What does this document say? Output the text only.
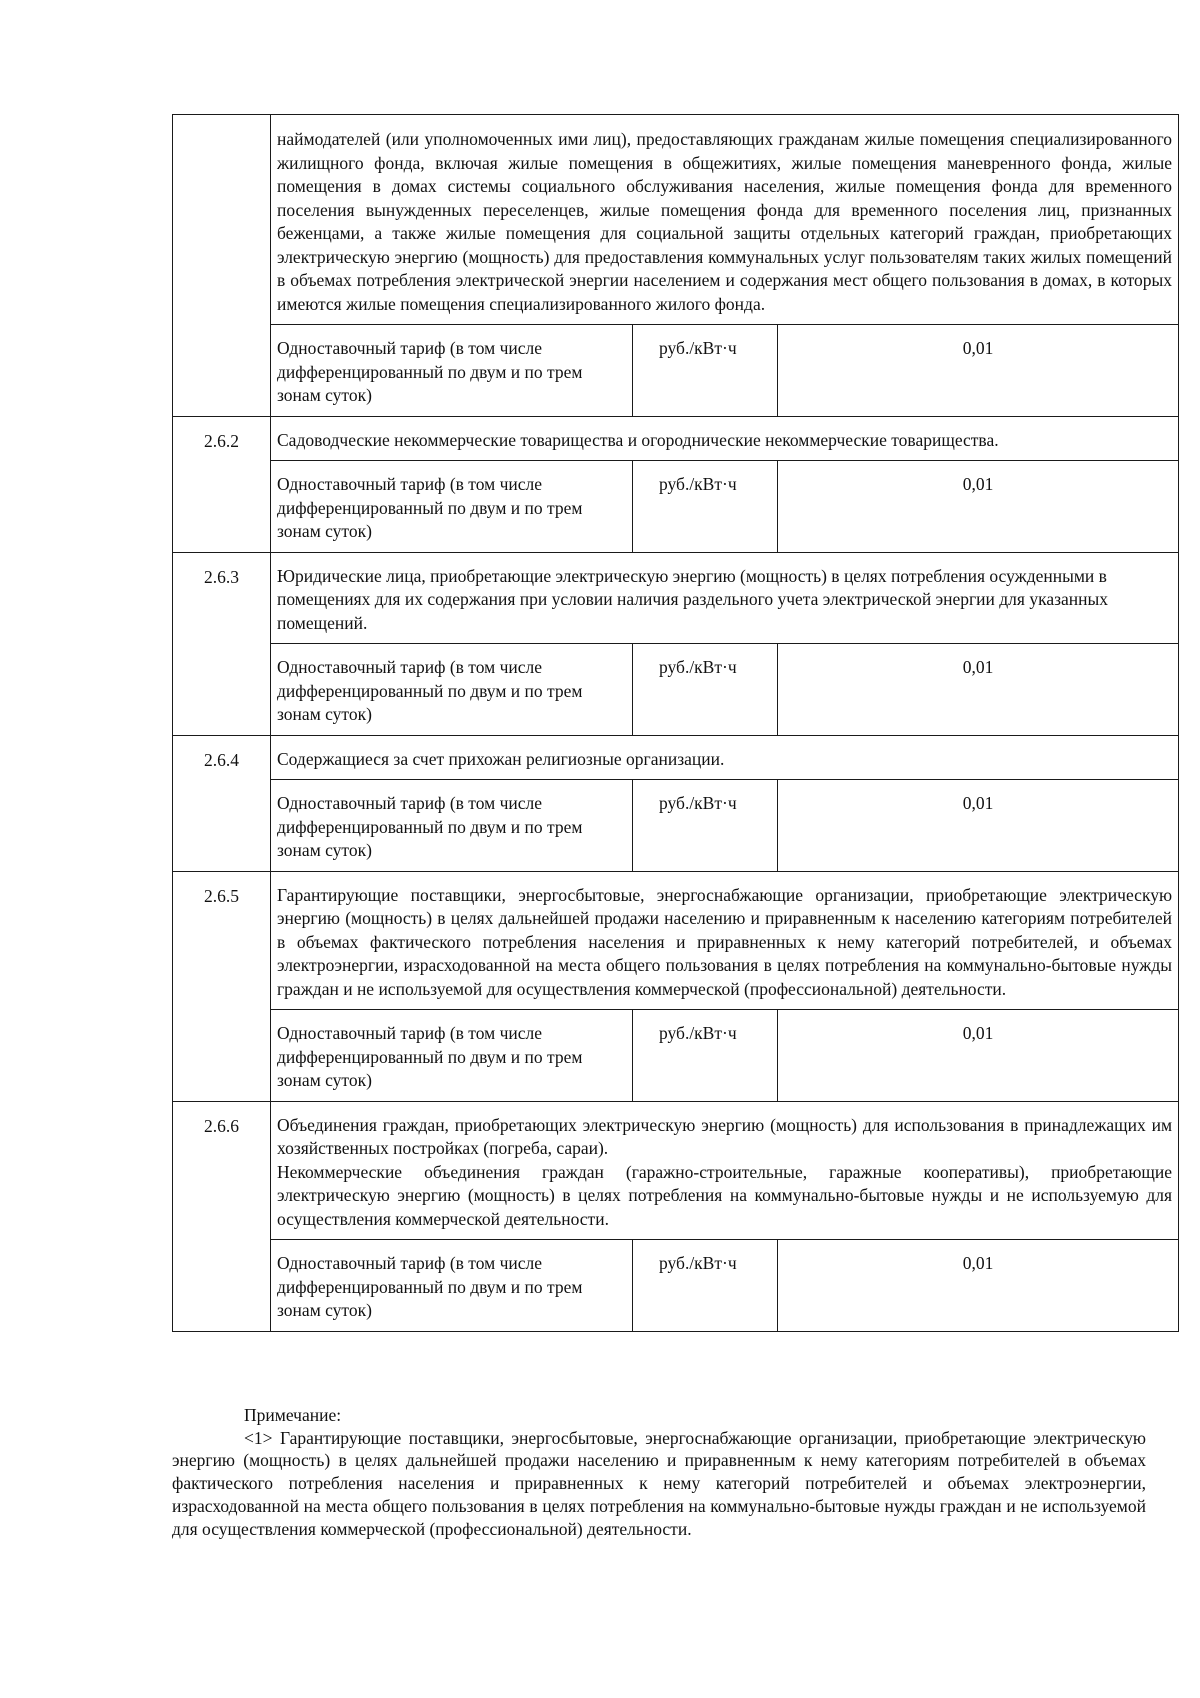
	наймодателей (или уполномоченных ими лиц), предоставляющих гражданам жилые помещения специализированного жилищного фонда, включая жилые помещения в общежитиях, жилые помещения маневренного фонда, жилые помещения в домах системы социального обслуживания населения, жилые помещения фонда для временного поселения вынужденных переселенцев, жилые помещения фонда для временного поселения лиц, признанных беженцами, а также жилые помещения для социальной защиты отдельных категорий граждан, приобретающих электрическую энергию (мощность) для предоставления коммунальных услуг пользователям таких жилых помещений в объемах потребления электрической энергии населением и содержания мест общего пользования в домах, в которых имеются жилые помещения специализированного жилого фонда.		

	Одноставочный тариф (в том числе дифференцированный по двум и по трем зонам суток)	руб./кВт·ч	0,01
2.6.2	Садоводческие некоммерческие товарищества и огороднические некоммерческие товарищества.		
	Одноставочный тариф (в том числе дифференцированный по двум и по трем зонам суток)	руб./кВт·ч	0,01
2.6.3	Юридические лица, приобретающие электрическую энергию (мощность) в целях потребления осужденными в помещениях для их содержания при условии наличия раздельного учета электрической энергии для указанных помещений.		
	Одноставочный тариф (в том числе дифференцированный по двум и по трем зонам суток)	руб./кВт·ч	0,01
2.6.4	Содержащиеся за счет прихожан религиозные организации.		
	Одноставочный тариф (в том числе дифференцированный по двум и по трем зонам суток)	руб./кВт·ч	0,01
2.6.5	Гарантирующие поставщики, энергосбытовые, энергоснабжающие организации, приобретающие электрическую энергию (мощность) в целях дальнейшей продажи населению и приравненным к населению категориям потребителей в объемах фактического потребления населения и приравненных к нему категорий потребителей, и объемах электроэнергии, израсходованной на места общего пользования в целях потребления на коммунально-бытовые нужды граждан и не используемой для осуществления коммерческой (профессиональной) деятельности.		

	Одноставочный тариф (в том числе дифференцированный по двум и по трем зонам суток)	руб./кВт·ч	0,01
2.6.6	Объединения граждан, приобретающих электрическую энергию (мощность) для использования в принадлежащих им хозяйственных постройках (погреба, сараи).

Некоммерческие объединения граждан (гаражно-строительные, гаражные кооперативы), приобретающие электрическую энергию (мощность) в целях потребления на коммунально-бытовые нужды и не используемую для осуществления коммерческой деятельности.		

	Одноставочный тариф (в том числе дифференцированный по двум и по трем зонам суток)	руб./кВт·ч	0,01
Примечание:

<1> Гарантирующие поставщики, энергосбытовые, энергоснабжающие организации, приобретающие электрическую энергию (мощность) в целях дальнейшей продажи населению и приравненным к нему категориям потребителей в объемах фактического потребления населения и приравненных к нему категорий потребителей и объемах электроэнергии, израсходованной на места общего пользования в целях потребления на коммунально-бытовые нужды граждан и не используемой для осуществления коммерческой (профессиональной) деятельности.
